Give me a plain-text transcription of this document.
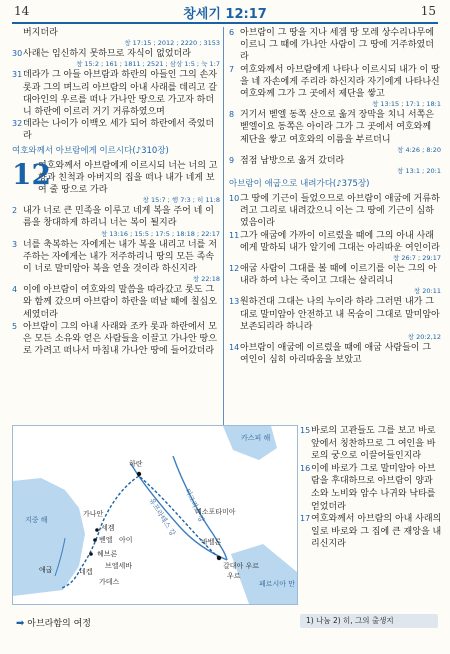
14	창세기 12:17	15

버지더라

창 17:15 ; 2012 ; 2220 ; 3153

30 사래는 임신하지 못하므로 자식이 없었더라

창 15:2 ; 161 ; 1811 ; 2521 ; 삼상 1:5 ; 눅 1:7

31 데라가 그 아들 아브람과 하란의 아들인 그의 손자 롯과 그의 며느리 아브람의 아내 사래를 데리고 갈대아인의 우르를 떠나 가나안 땅으로 가고자 하더니 하란에 이르러 거기 거류하였으며

32 데라는 나이가 이백오 세가 되어 하란에서 죽었더라

여호와께서 아브람에게 이르시다(♪310장)
12
여호와께서 아브람에게 이르시되 너는 너의 고향과 친척과 아버지의 집을 떠나 내가 네게 보여 줄 땅으로 가라
창 15:7 ; 행 7:3 ; 히 11:8

2 내가 너로 큰 민족을 이루고 네게 복을 주어 네 이름을 창대하게 하리니 너는 복이 될지라

창 13:16 ; 15:5 ; 17:5 ; 18:18 ; 22:17

3 너를 축복하는 자에게는 내가 복을 내리고 너를 저주하는 자에게는 내가 저주하리니 땅의 모든 족속이 너로 말미암아 복을 얻을 것이라 하신지라

창 22:18

4 이에 아브람이 여호와의 말씀을 따라갔고 롯도 그와 함께 갔으며 아브람이 하란을 떠날 때에 칠십오 세였더라

5 아브람이 그의 아내 사래와 조카 롯과 하란에서 모은 모든 소유와 얻은 사람들을 이끌고 가나안 땅으로 가려고 떠나서 마침내 가나안 땅에 들어갔더라

6 아브람이 그 땅을 지나 세겜 땅 모레 상수리나무에 이르니 그 때에 가나안 사람이 그 땅에 거주하였더라

7 여호와께서 아브람에게 나타나 이르시되 내가 이 땅을 네 자손에게 주리라 하신지라 자기에게 나타나신 여호와께 그가 그 곳에서 제단을 쌓고

창 13:15 ; 17:1 ; 18:1

8 거기서 벧엘 동쪽 산으로 옮겨 장막을 치니 서쪽은 벧엘이요 동쪽은 아이라 그가 그 곳에서 여호와께 제단을 쌓고 여호와의 이름을 부르더니

창 4:26 ; 8:20

9 점점 남방으로 옮겨 갔더라

창 13:1 ; 20:1
아브람이 애굽으로 내려가다(♪375장)

10 그 땅에 기근이 들었으므로 아브람이 애굽에 거류하려고 그리로 내려갔으니 이는 그 땅에 기근이 심하였음이라

11 그가 애굽에 가까이 이르렀을 때에 그의 아내 사래에게 말하되 내가 알기에 그대는 아리따운 여인이라

창 26:7 ; 29:17

12 애굽 사람이 그대를 볼 때에 이르기를 이는 그의 아내라 하여 나는 죽이고 그대는 살리리니

창 20:11

13 원하건대 그대는 나의 누이라 하라 그러면 내가 그대로 말미암아 안전하고 내 목숨이 그대로 말미암아 보존되리라 하니라

창 20:2,12

14 아브람이 애굽에 이르렀을 때에 애굽 사람들이 그 여인이 심히 아리따움을 보았고

카스피 해
하란
티그리스 강
유프라테스 강
지중 해
가나안
세겜
벧엘 아이
헤브론
브엘세바
네겝
가데스
애굽
바벨론
갈대아 우르
우르
메소포타미아
페르시아 만

15 바로의 고관들도 그를 보고 바로 앞에서 칭찬하므로 그 여인을 바로의 궁으로 이끌어들인지라

16 이에 바로가 그로 말미암아 아브람을 후대하므로 아브람이 양과 소와 노비와 암수 나귀와 낙타를 얻었더라

17 여호와께서 아브람의 아내 사래의 일로 바로와 그 집에 큰 재앙을 내리신지라

➡ 아브라함의 여정	1) 나눔 2) 히, 그의 출생지
